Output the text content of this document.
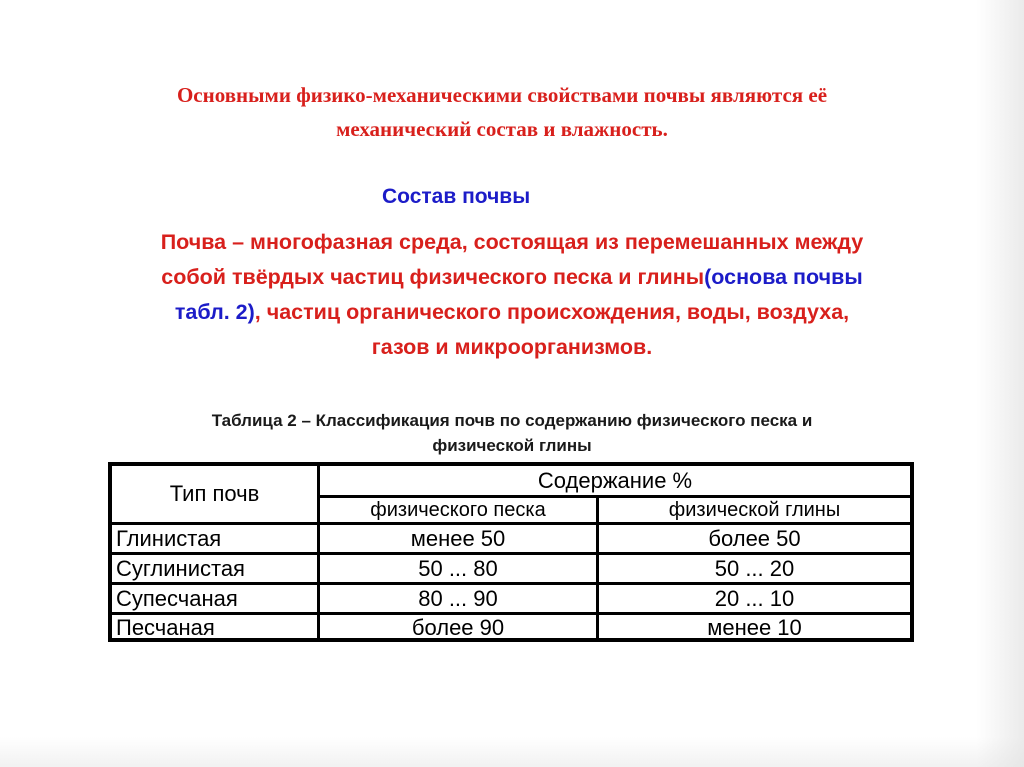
Основными физико-механическими свойствами почвы являются её
механический состав и влажность.
Состав почвы
Почва – многофазная среда, состоящая из перемешанных между
собой твёрдых частиц физического песка и глины(основа почвы
табл. 2), частиц органического происхождения, воды, воздуха,
газов и микроорганизмов.
Таблица 2 – Классификация почв по содержанию физического песка и
физической глины
Тип почв
Содержание %
физического песка	физической глины
Глинистая	менее 50	более 50
Суглинистая	50 ... 80	50 ... 20
Супесчаная	80 ... 90	20 ... 10
Песчаная	более 90	менее 10
